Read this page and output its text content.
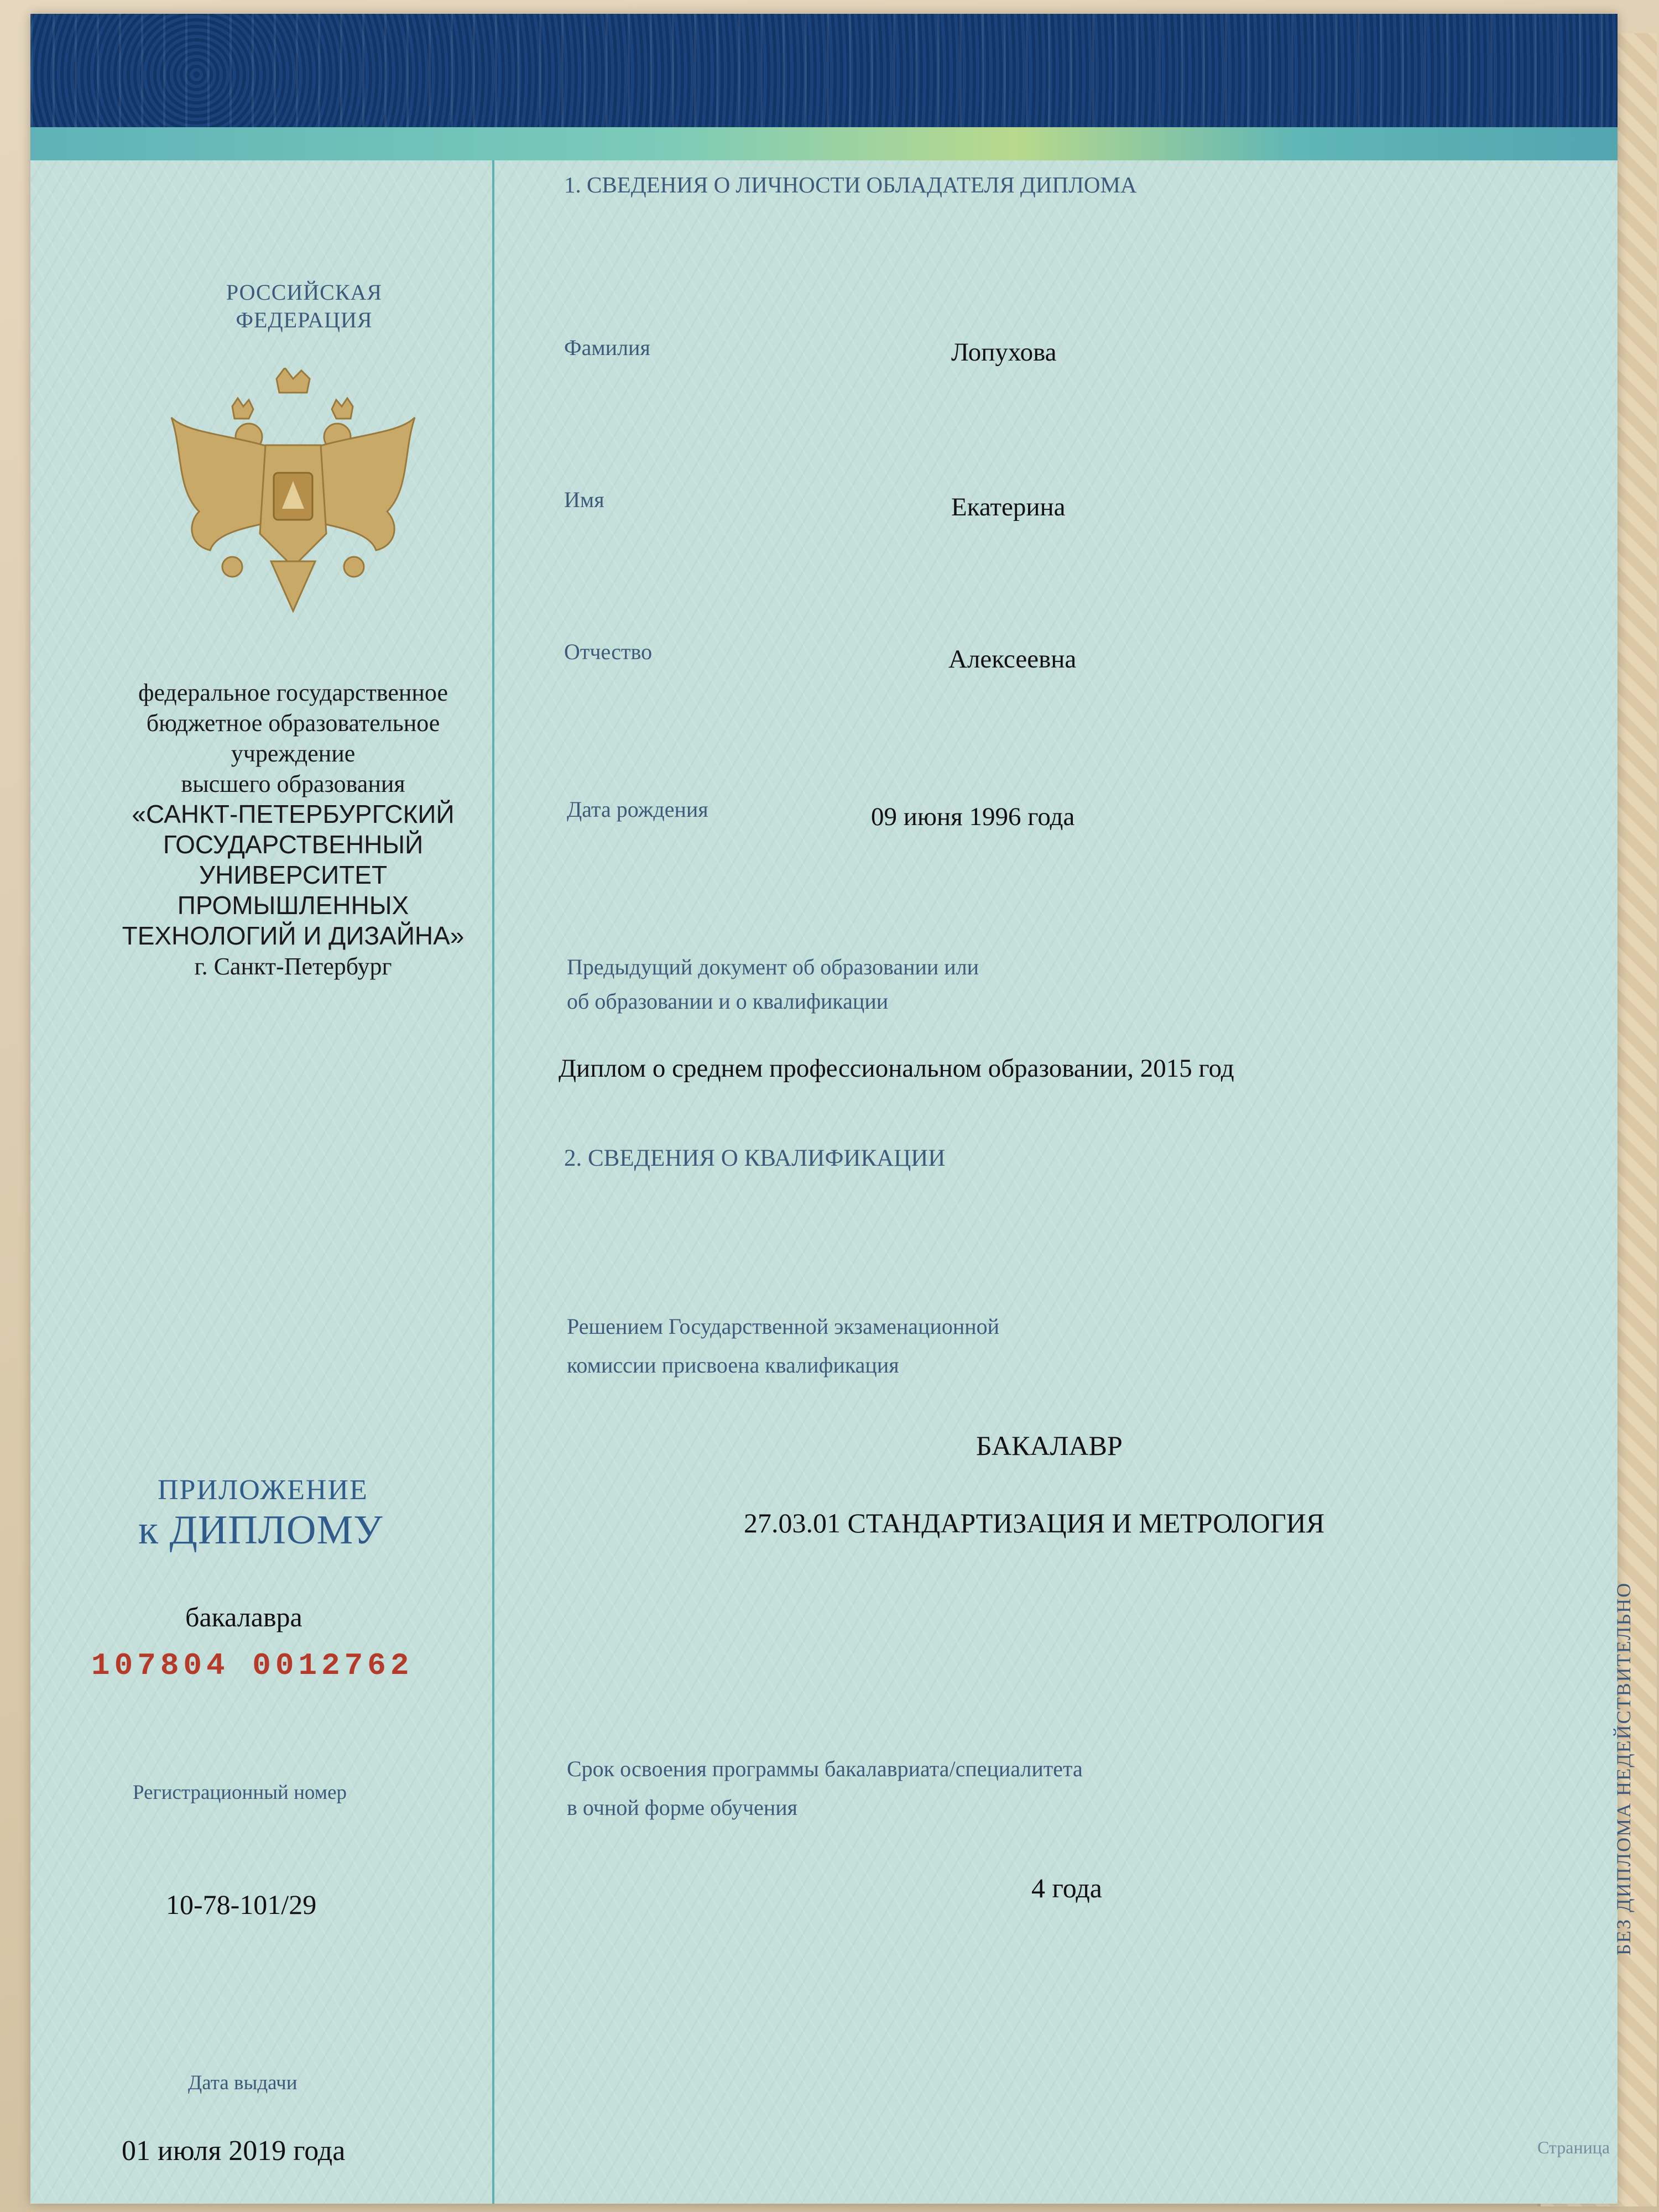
РОССИЙСКАЯ

ФЕДЕРАЦИЯ

федеральное государственное
бюджетное образовательное
учреждение
высшего образования
«САНКТ-ПЕТЕРБУРГСКИЙ
ГОСУДАРСТВЕННЫЙ
УНИВЕРСИТЕТ
ПРОМЫШЛЕННЫХ
ТЕХНОЛОГИЙ И ДИЗАЙНА»
г. Санкт-Петербург

ПРИЛОЖЕНИЕ

к ДИПЛОМУ

бакалавра

107804 0012762

Регистрационный номер

10-78-101/29

Дата выдачи

01 июля 2019 года

1. СВЕДЕНИЯ О ЛИЧНОСТИ ОБЛАДАТЕЛЯ ДИПЛОМА

Фамилия	Лопухова

Имя	Екатерина

Отчество	Алексеевна

Дата рождения	09 июня 1996 года

Предыдущий документ об образовании или

об образовании и о квалификации

Диплом о среднем профессиональном образовании, 2015 год

2. СВЕДЕНИЯ О КВАЛИФИКАЦИИ

Решением Государственной экзаменационной

комиссии присвоена квалификация

БАКАЛАВР

27.03.01 СТАНДАРТИЗАЦИЯ И МЕТРОЛОГИЯ

Срок освоения программы бакалавриата/специалитета

в очной форме обучения

4 года

Страница

БЕЗ ДИПЛОМА НЕДЕЙСТВИТЕЛЬНО
